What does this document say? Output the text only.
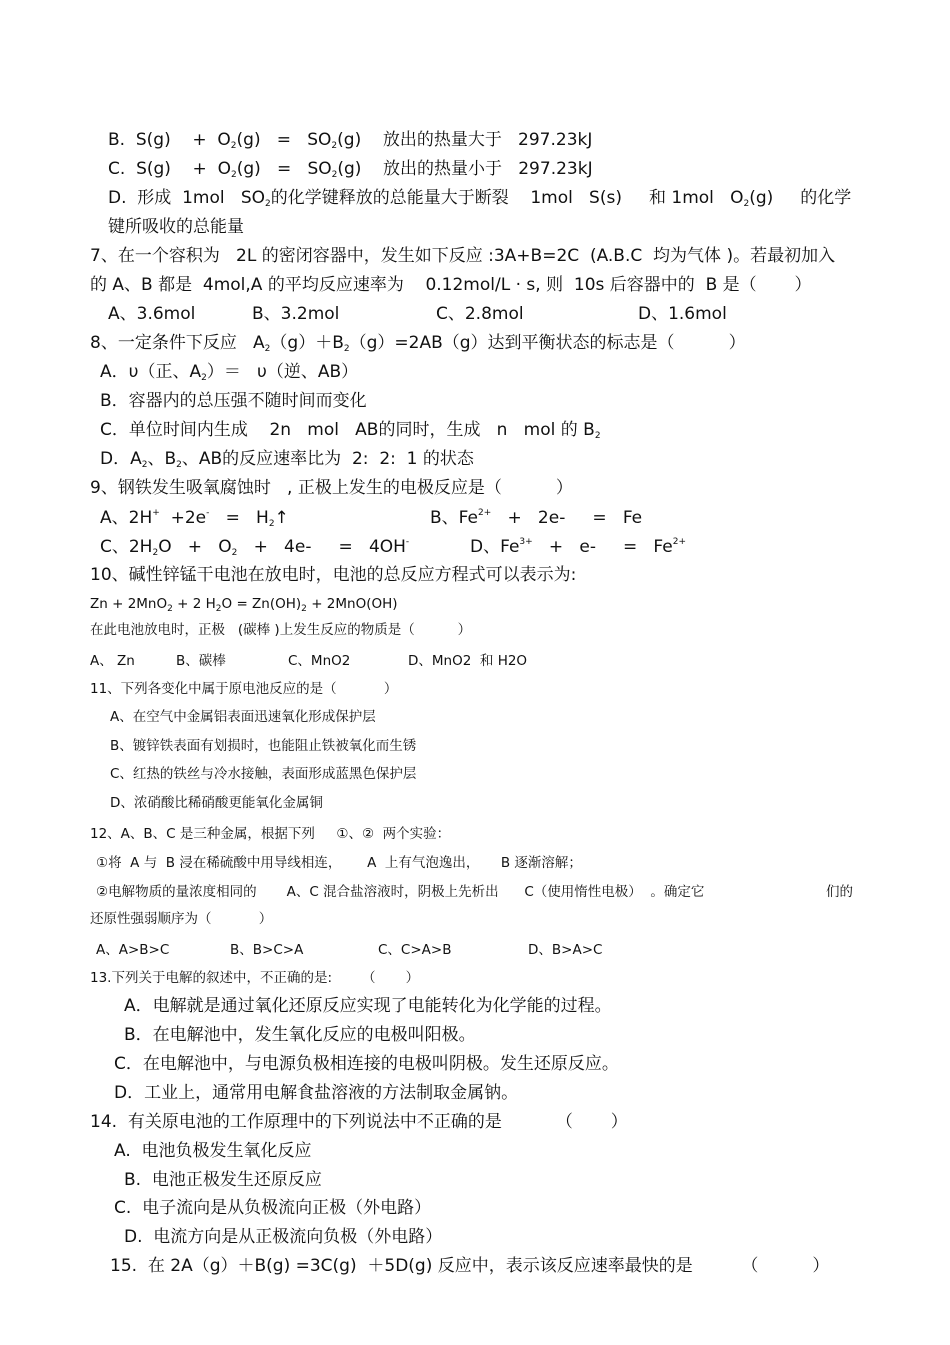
B.  S(g)    +  $O_2(g) = SO_2(g)$    放出的热量大于   297.23kJ
C.  S(g)    +  $O_2(g) = SO_2(g)$    放出的热量小于   297.23kJ
D.  形成  1mol   $SO_2$的化学键释放的总能量大于断裂    1mol   S(s)     和 1mol   $O_2(g)$     的化学
键所吸收的总能量
7、在一个容积为   2L 的密闭容器中，发生如下反应 :3A+B=2C  (A.B.C  均为气体 )。若最初加入
的 A、B 都是  4mol,A 的平均反应速率为    0.12mol/L · s, 则  10s 后容器中的  B 是（       ）
A、3.6mol	B、3.2mol	C、2.8mol	D、1.6mol
8、一定条件下反应   $A_2(g)+B_2(g)=2AB(g)$达到平衡状态的标志是（          ）
A．υ（正、$A_2)= \upsilon$（逆、AB）
B．容器内的总压强不随时间而变化
C．单位时间内生成    2n   mol   AB的同时，生成   n   mol 的 $B_2$
D．$A_2$、$B_2$、AB的反应速率比为  2:  2:  1 的状态
9、钢铁发生吸氧腐蚀时   , 正极上发生的电极反应是（          ）
A、$2H^+ +2e^- = H_2↑$	B、$Fe^{2+} + 2e-$     =   Fe
C、$2H_2O + O_2 + 4e-$     =   4OH-	D、$Fe^{3+} + e-$     =   $Fe^{2+}$
10、碱性锌锰干电池在放电时，电池的总反应方程式可以表示为:
Zn + 2MnO$_2$ + 2 $H_2O = Zn(OH)_2 + 2MnO(OH)$
在此电池放电时，正极   (碳棒 )上发生反应的物质是（          ）
A、 Zn	B、碳棒	C、MnO2	D、MnO2  和 H2O
11、下列各变化中属于原电池反应的是（           ）
A、在空气中金属铝表面迅速氧化形成保护层
B、镀锌铁表面有划损时，也能阻止铁被氧化而生锈
C、红热的铁丝与冷水接触，表面形成蓝黑色保护层
D、浓硝酸比稀硝酸更能氧化金属铜
12、A、B、C 是三种金属，根据下列     ①、②  两个实验：
①将  A 与  B 浸在稀硫酸中用导线相连，      A  上有气泡逸出，     B 逐渐溶解；
②电解物质的量浓度相同的       A、C 混合盐溶液时，阴极上先析出      C（使用惰性电极）  。确定它	们的
还原性强弱顺序为（           ）
A、A>B>C	B、B>C>A	C、C>A>B	D、B>A>C
13.下列关于电解的叙述中，不正确的是:       （       ）
A．电解就是通过氧化还原反应实现了电能转化为化学能的过程。
B．在电解池中，发生氧化反应的电极叫阳极。
C．在电解池中，与电源负极相连接的电极叫阴极。发生还原反应。
D．工业上，通常用电解食盐溶液的方法制取金属钠。
14.  有关原电池的工作原理中的下列说法中不正确的是          （       ）
A.  电池负极发生氧化反应
B.  电池正极发生还原反应
C.  电子流向是从负极流向正极（外电路）
D.  电流方向是从正极流向负极（外电路）
15.  在 2A（g）＋B(g) =3C(g)  ＋5D(g) 反应中，表示该反应速率最快的是         （          ）
